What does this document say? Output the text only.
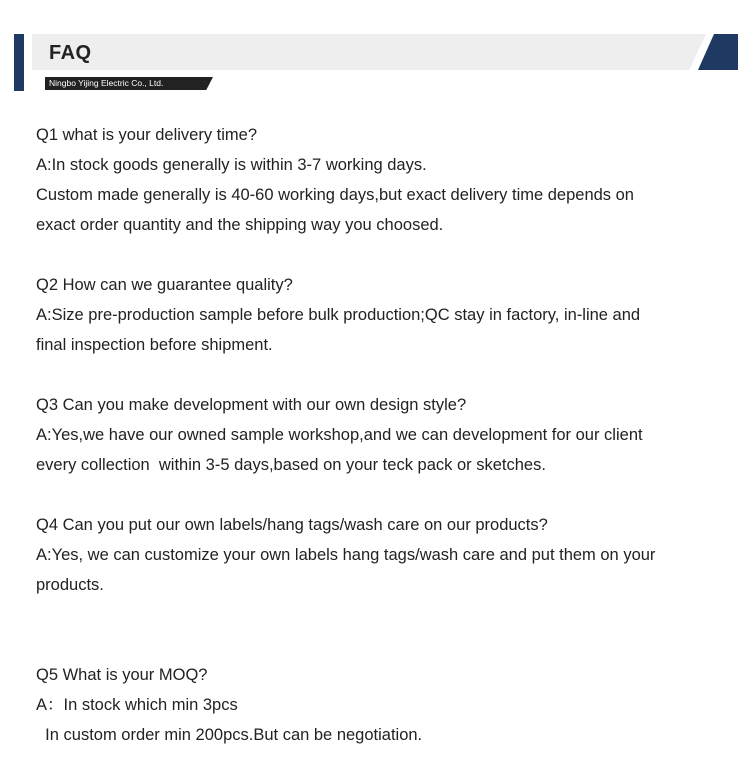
FAQ
Ningbo Yijing Electric Co., Ltd.
Q1 what is your delivery time?
A:In stock goods generally is within 3-7 working days.
Custom made generally is 40-60 working days,but exact delivery time depends on
exact order quantity and the shipping way you choosed.
Q2 How can we guarantee quality?
A:Size pre-production sample before bulk production;QC stay in factory, in-line and
final inspection before shipment.
Q3 Can you make development with our own design style?
A:Yes,we have our owned sample workshop,and we can development for our client
every collection  within 3-5 days,based on your teck pack or sketches.
Q4 Can you put our own labels/hang tags/wash care on our products?
A:Yes, we can customize your own labels hang tags/wash care and put them on your
products.
Q5 What is your MOQ?
A：In stock which min 3pcs
In custom order min 200pcs.But can be negotiation.
